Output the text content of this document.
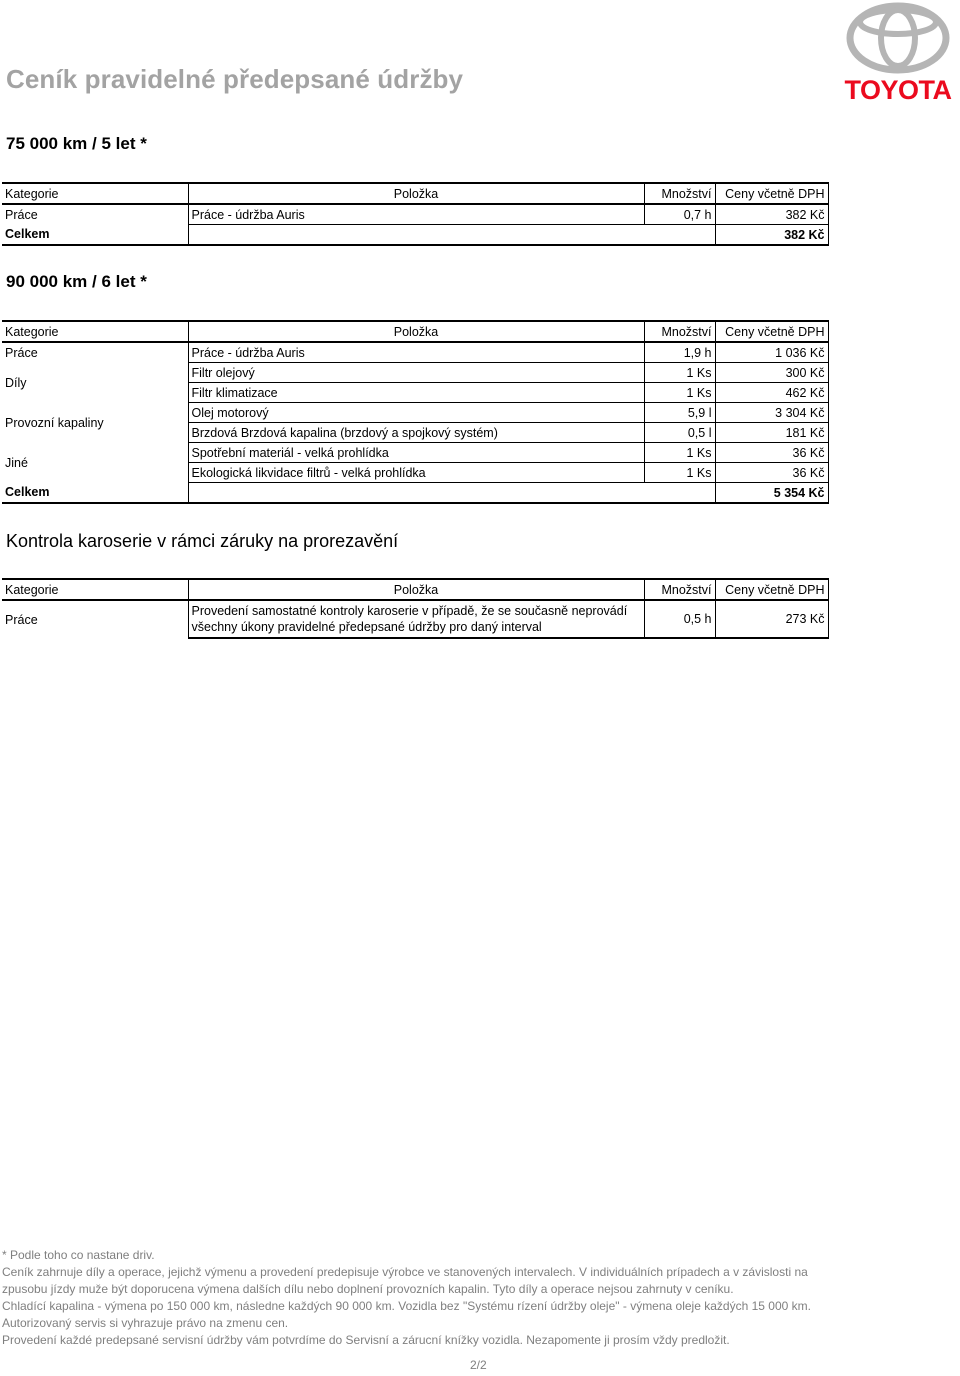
Ceník pravidelné předepsané údržby	TOYOTA
75 000 km / 5 let *
Kategorie	Položka	Množství	Ceny včetně DPH
Práce	Práce - údržba Auris	0,7 h	382 Kč
Celkem			382 Kč
90 000 km / 6 let *
Kategorie	Položka	Množství	Ceny včetně DPH
Práce	Práce - údržba Auris	1,9 h	1 036 Kč
Díly	Filtr olejový	1 Ks	300 Kč
	Filtr klimatizace	1 Ks	462 Kč
Provozní kapaliny	Olej motorový	5,9 l	3 304 Kč
	Brzdová Brzdová kapalina (brzdový a spojkový systém)	0,5 l	181 Kč
Jiné	Spotřební materiál - velká prohlídka	1 Ks	36 Kč
	Ekologická likvidace filtrů - velká prohlídka	1 Ks	36 Kč
Celkem			5 354 Kč
Kontrola karoserie v rámci záruky na prorezavění
Kategorie	Položka	Množství	Ceny včetně DPH
Práce	Provedení samostatné kontroly karoserie v případě, že se současně neprovádí všechny úkony pravidelné předepsané údržby pro daný interval	0,5 h	273 Kč

* Podle toho co nastane driv.

Ceník zahrnuje díly a operace, jejichž výmenu a provedení predepisuje výrobce ve stanovených intervalech. V individuálních prípadech a v závislosti na zpusobu jízdy muže být doporucena výmena dalších dílu nebo doplnení provozních kapalin. Tyto díly a operace nejsou zahrnuty v ceníku.

Chladící kapalina - výmena po 150 000 km, následne každých 90 000 km. Vozidla bez "Systému rízení údržby oleje" - výmena oleje každých 15 000 km.

Autorizovaný servis si vyhrazuje právo na zmenu cen.

Provedení každé predepsané servisní údržby vám potvrdíme do Servisní a zárucní knížky vozidla. Nezapomente ji prosím vždy predložit.

2/2
